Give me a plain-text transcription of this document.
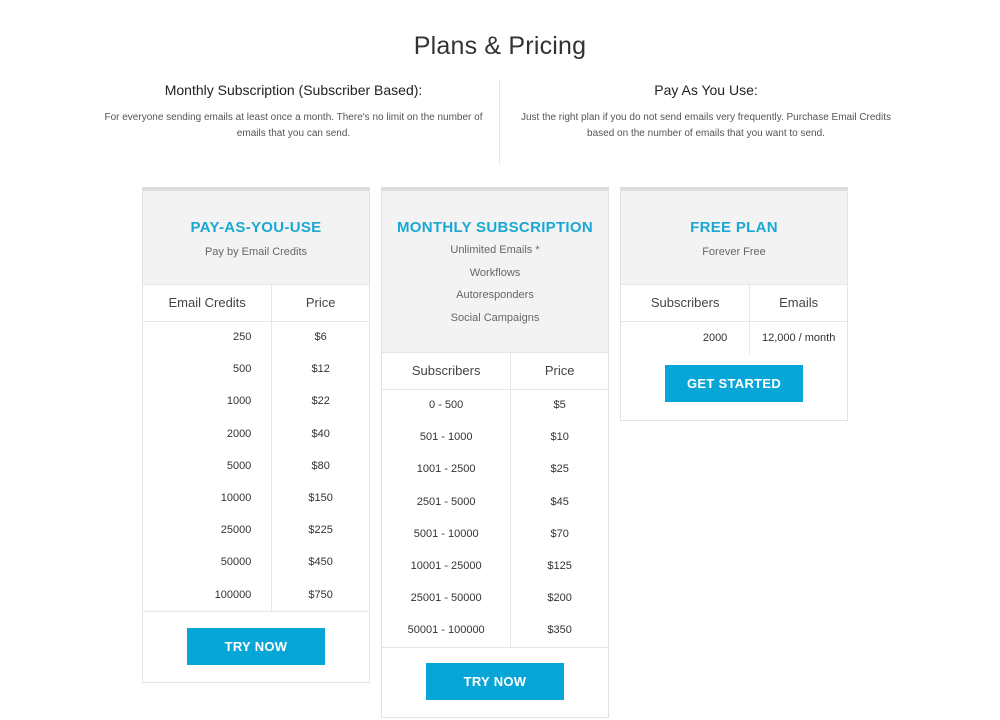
Plans & Pricing
Monthly Subscription (Subscriber Based):
For everyone sending emails at least once a month. There's no limit on the number of emails that you can send.
Pay As You Use:
Just the right plan if you do not send emails very frequently. Purchase Email Credits based on the number of emails that you want to send.
PAY-AS-YOU-USE
Pay by Email Credits
Email Credits	Price
250	$6
500	$12
1000	$22
2000	$40
5000	$80
10000	$150
25000	$225
50000	$450
100000	$750
TRY NOW
MONTHLY SUBSCRIPTION
Unlimited Emails *
Workflows
Autoresponders
Social Campaigns
Subscribers	Price
0 - 500	$5
501 - 1000	$10
1001 - 2500	$25
2501 - 5000	$45
5001 - 10000	$70
10001 - 25000	$125
25001 - 50000	$200
50001 - 100000	$350
TRY NOW
FREE PLAN
Forever Free
Subscribers	Emails
2000	12,000 / month
GET STARTED
